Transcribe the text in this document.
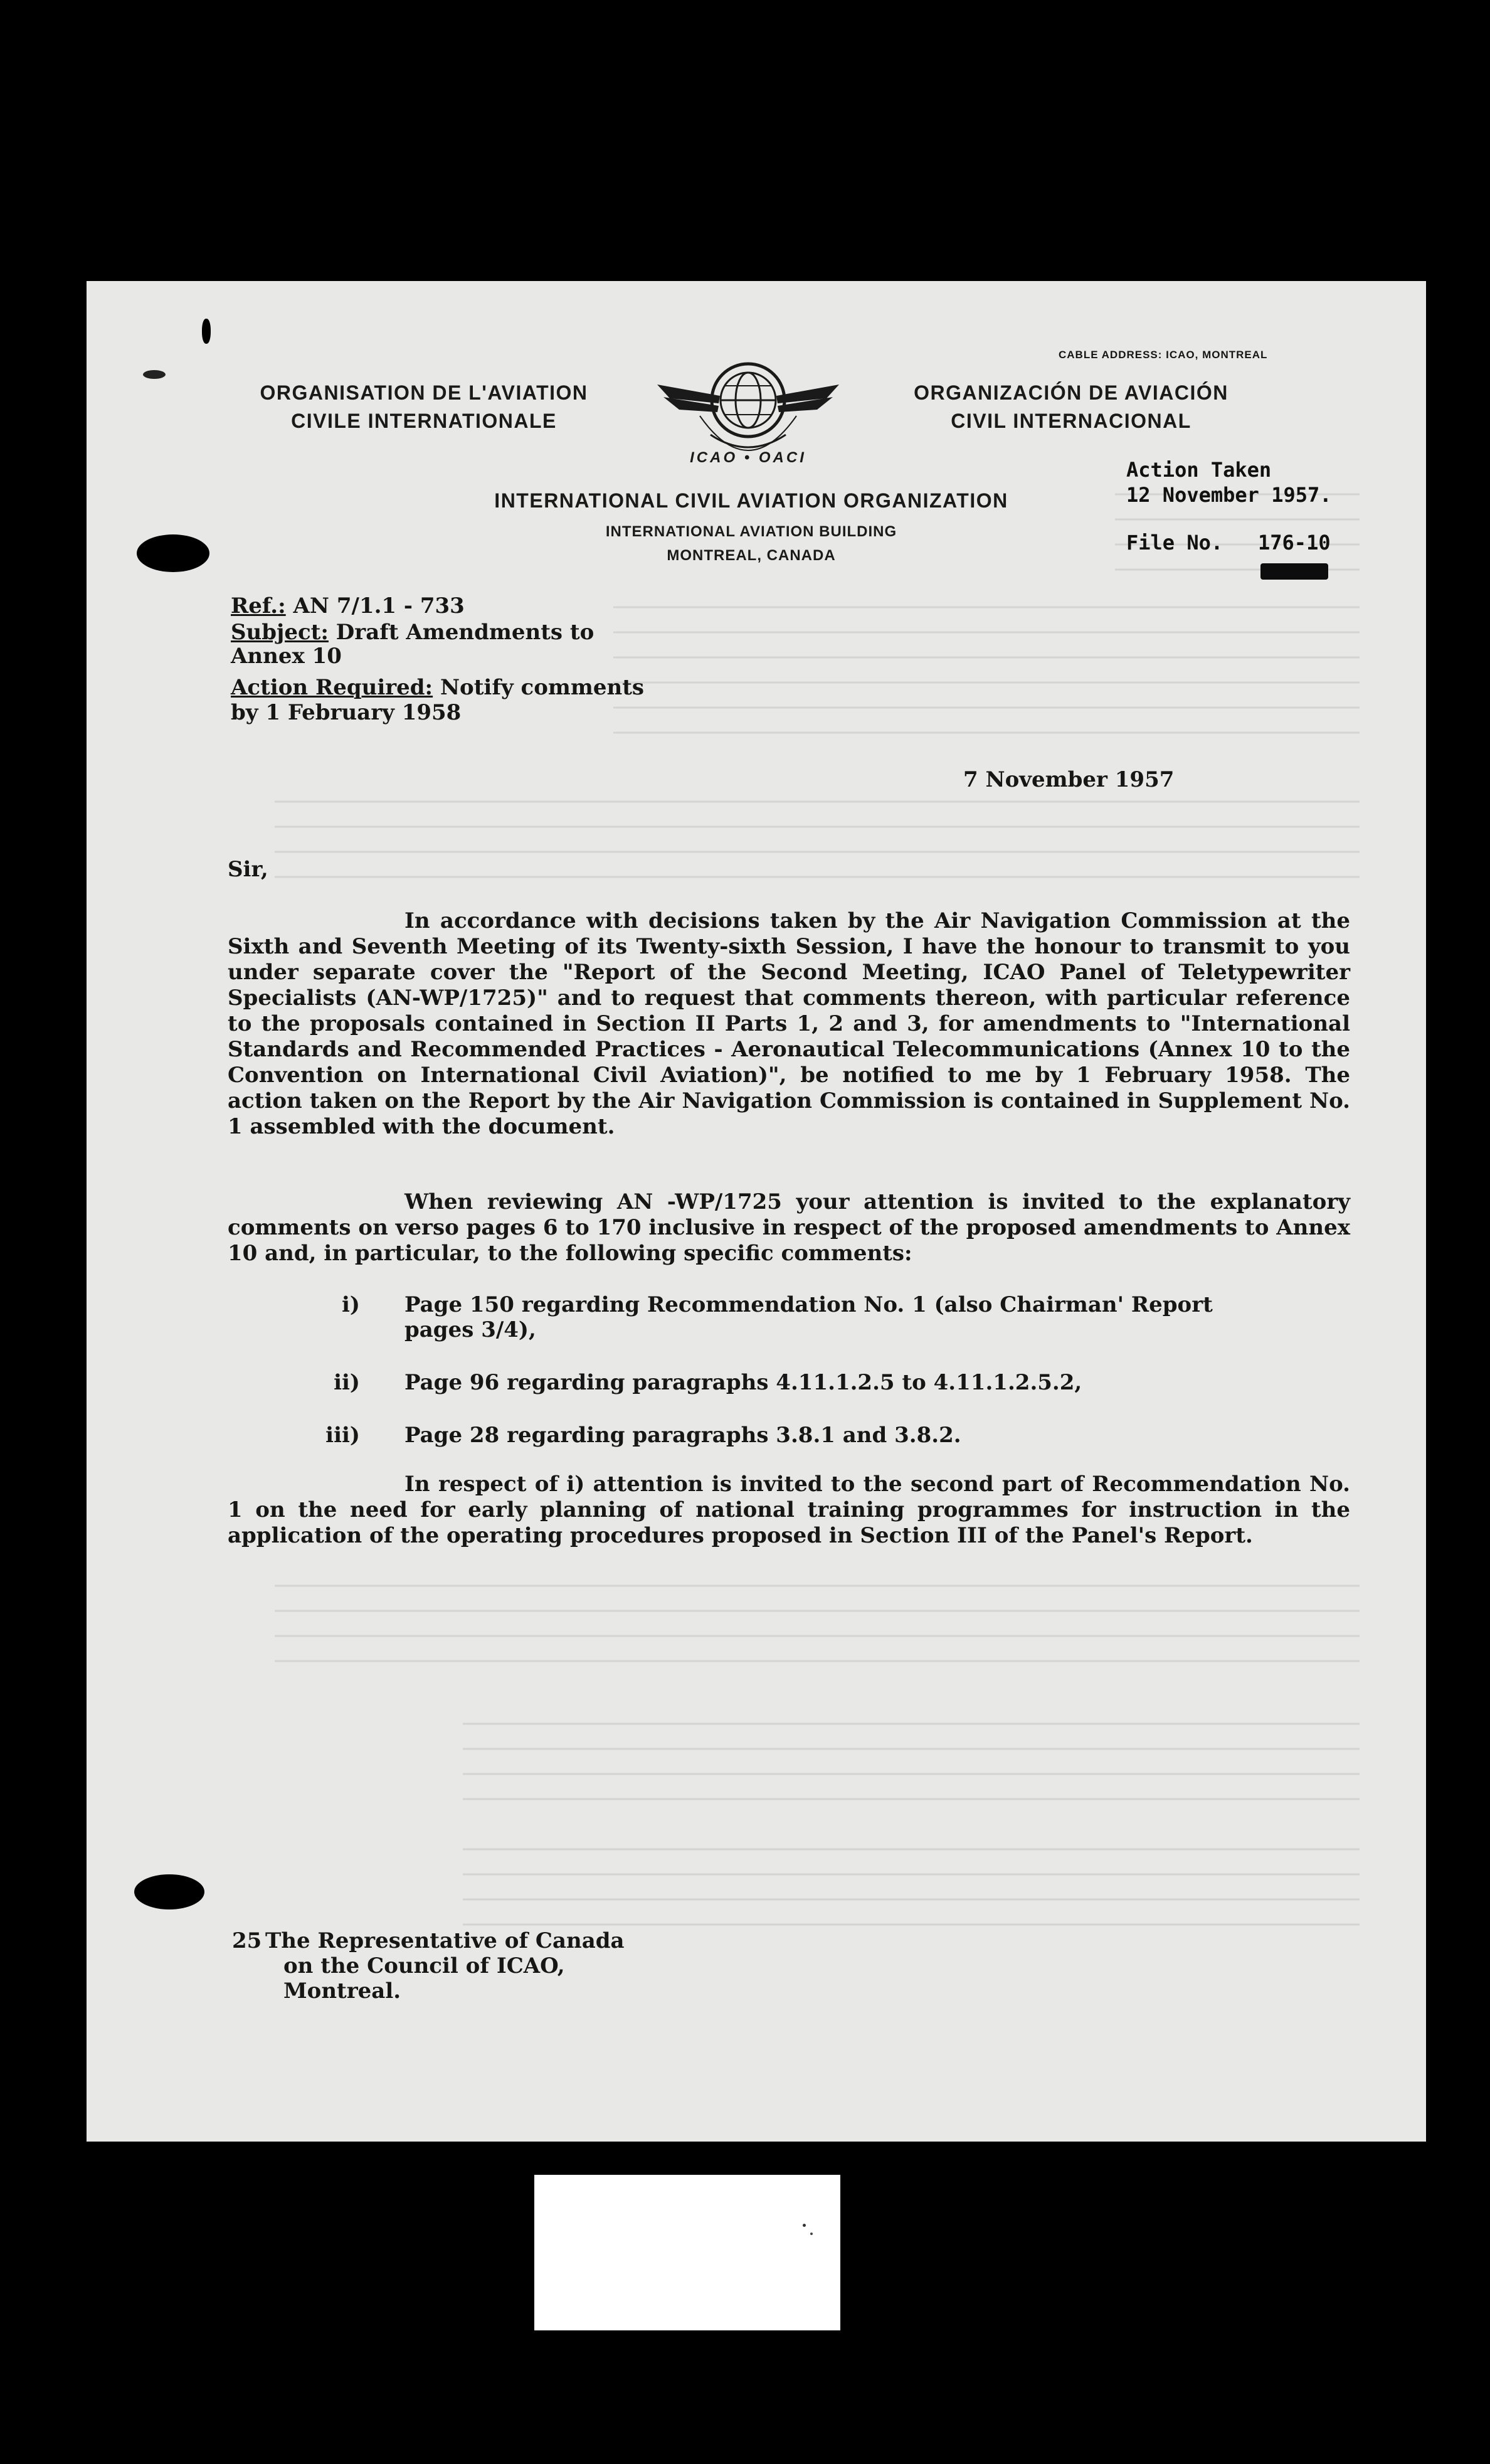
CABLE ADDRESS: ICAO, MONTREAL
ORGANISATION DE L'AVIATION
CIVILE INTERNATIONALE
ORGANIZACIÓN DE AVIACIÓN
CIVIL INTERNACIONAL
ICAO • OACI
INTERNATIONAL CIVIL AVIATION ORGANIZATION
INTERNATIONAL AVIATION BUILDING
MONTREAL, CANADA
Action Taken
12 November 1957.
File No. 176-10
Ref.: AN 7/1.1 - 733
Subject: Draft Amendments to
Annex 10
Action Required: Notify comments
by 1 February 1958
7 November 1957
Sir,
In accordance with decisions taken by the Air Navigation Commission at the Sixth and Seventh Meeting of its Twenty-sixth Session, I have the honour to transmit to you under separate cover the "Report of the Second Meeting, ICAO Panel of Teletypewriter Specialists (AN-WP/1725)" and to request that comments thereon, with particular reference to the proposals contained in Section II Parts 1, 2 and 3, for amendments to "International Standards and Recommended Practices - Aeronautical Telecommunications (Annex 10 to the Convention on International Civil Aviation)", be notified to me by 1 February 1958. The action taken on the Report by the Air Navigation Commission is contained in Supplement No. 1 assembled with the document.
When reviewing AN -WP/1725 your attention is invited to the explanatory comments on verso pages 6 to 170 inclusive in respect of the proposed amendments to Annex 10 and, in particular, to the following specific comments:
i) Page 150 regarding Recommendation No. 1 (also Chairman' Report
pages 3/4),
ii) Page 96 regarding paragraphs 4.11.1.2.5 to 4.11.1.2.5.2,
iii) Page 28 regarding paragraphs 3.8.1 and 3.8.2.
In respect of i) attention is invited to the second part of Recommendation No. 1 on the need for early planning of national training programmes for instruction in the application of the operating procedures proposed in Section III of the Panel's Report.
25 The Representative of Canada
on the Council of ICAO,
Montreal.
